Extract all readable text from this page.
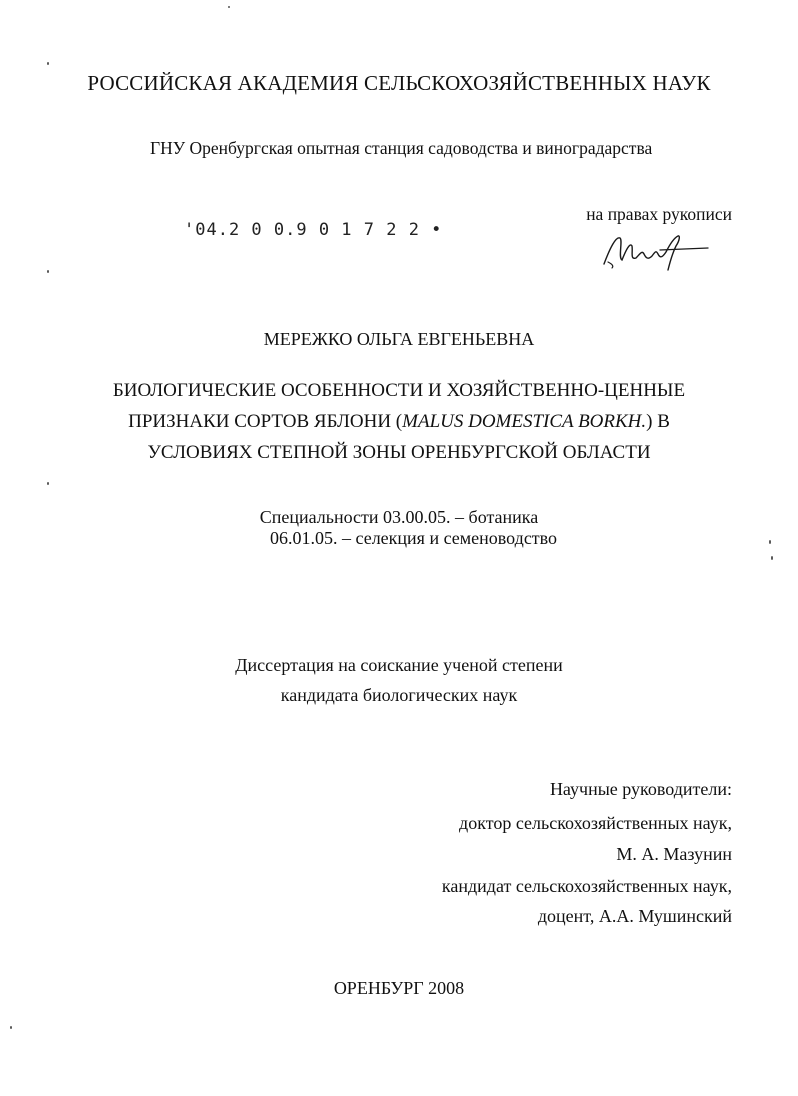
РОССИЙСКАЯ АКАДЕМИЯ СЕЛЬСКОХОЗЯЙСТВЕННЫХ НАУК
ГНУ Оренбургская опытная станция садоводства и виноградарства
'04.2 0 0.9 0 1 7 2 2 •
на правах рукописи
МЕРЕЖКО ОЛЬГА ЕВГЕНЬЕВНА
БИОЛОГИЧЕСКИЕ ОСОБЕННОСТИ И ХОЗЯЙСТВЕННО-ЦЕННЫЕ
ПРИЗНАКИ СОРТОВ ЯБЛОНИ (MALUS DOMESTICA BORKH.) В
УСЛОВИЯХ СТЕПНОЙ ЗОНЫ ОРЕНБУРГСКОЙ ОБЛАСТИ
Специальности 03.00.05. – ботаника
06.01.05. – селекция и семеноводство
Диссертация на соискание ученой степени
кандидата биологических наук
Научные руководители:
доктор сельскохозяйственных наук,
М. А. Мазунин
кандидат сельскохозяйственных наук,
доцент, А.А. Мушинский
ОРЕНБУРГ 2008
